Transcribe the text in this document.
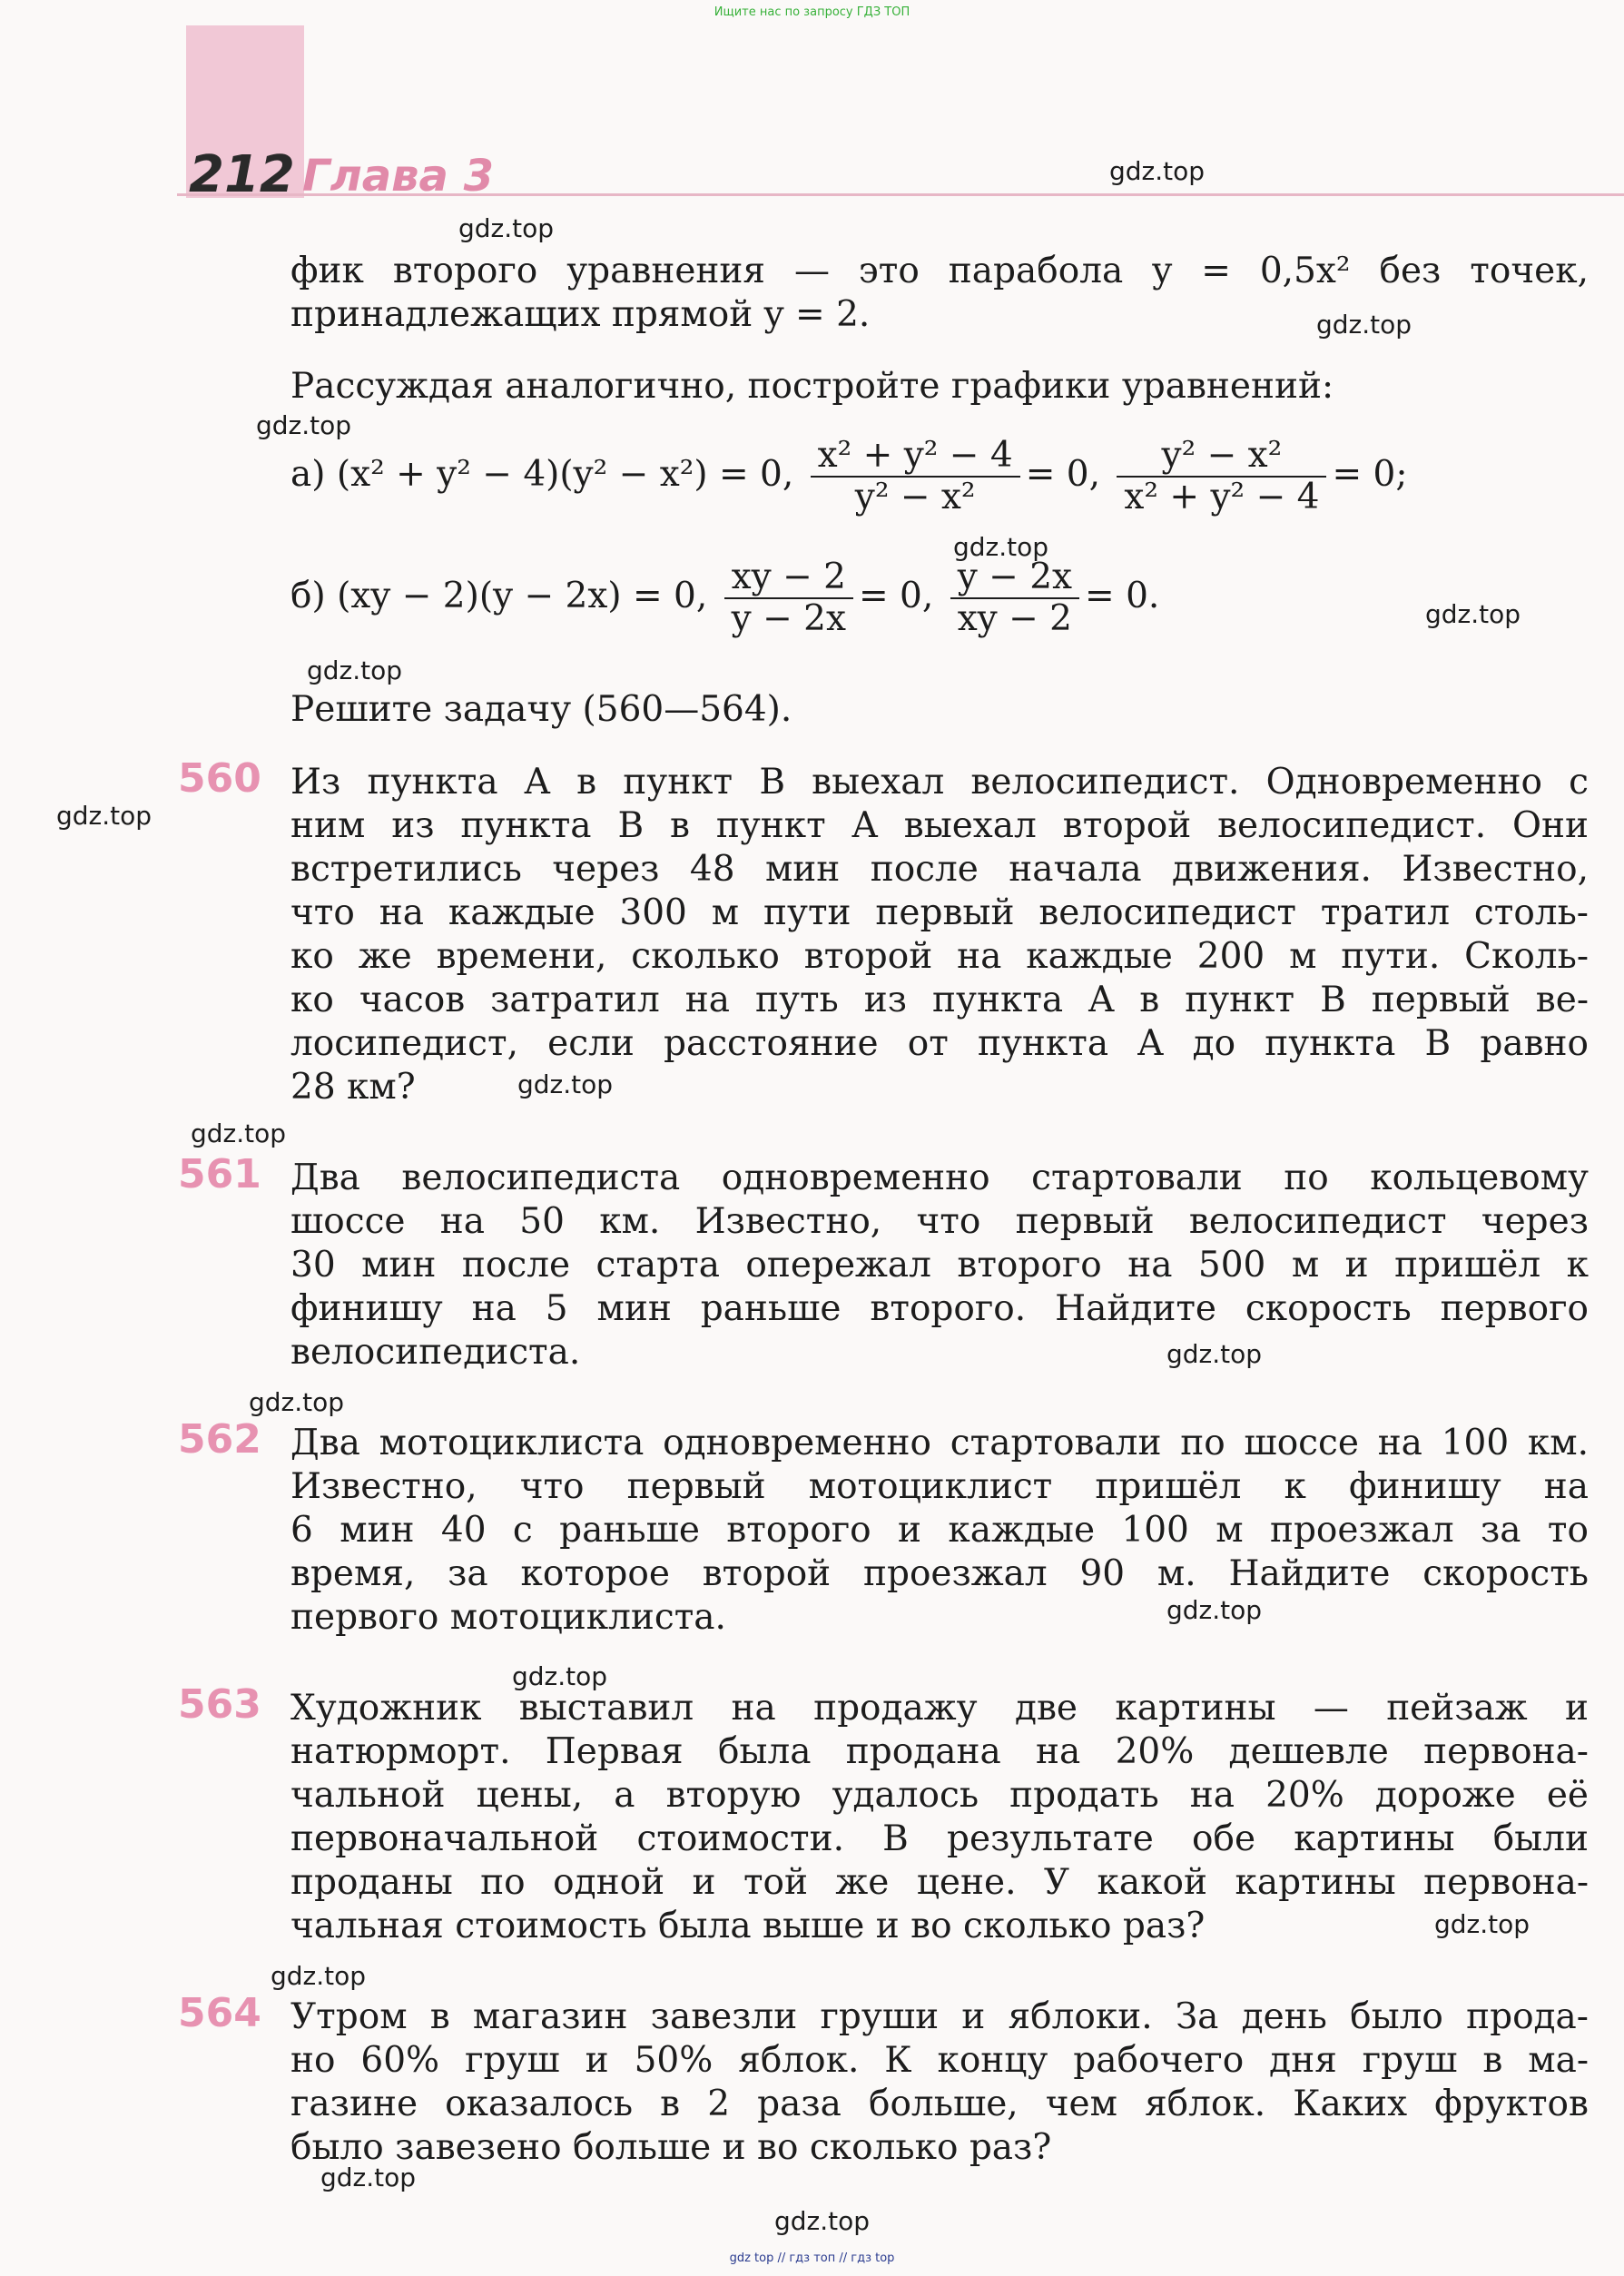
Ищите нас по запросу ГДЗ ТОП
212 Глава 3	gdz.top
gdz.top
gdz.top
gdz.top
gdz.top
gdz.top
gdz.top
gdz.top
gdz.top
gdz.top
gdz.top
gdz.top
gdz.top
gdz.top
gdz.top
gdz.top
gdz.top
gdz.top
фик второго уравнения — это парабола y = 0,5x² без точек,
принадлежащих прямой y = 2.
Рассуждая аналогично, постройте графики уравнений:
а) (x² + y² − 4)(y² − x²) = 0, $\frac{\text{x² + y² − 4}}{\text{y² − x²}} = 0$, $\frac{\text{y² − x²}}{\text{x² + y² − 4}} = 0$;
б) (xy − 2)(y − 2x) = 0, $\frac{xy - 2}{y - 2x} = 0$, $\frac{y - 2x}{xy - 2} = 0$.
Решите задачу (560—564).
560 Из пункта A в пункт B выехал велосипедист. Одновременно с
ним из пункта B в пункт A выехал второй велосипедист. Они
встретились через 48 мин после начала движения. Известно,
что на каждые 300 м пути первый велосипедист тратил столь-
ко же времени, сколько второй на каждые 200 м пути. Сколь-
ко часов затратил на путь из пункта A в пункт B первый ве-
лосипедист, если расстояние от пункта A до пункта B равно
28 км?
561 Два велосипедиста одновременно стартовали по кольцевому
шоссе на 50 км. Известно, что первый велосипедист через
30 мин после старта опережал второго на 500 м и пришёл к
финишу на 5 мин раньше второго. Найдите скорость первого
велосипедиста.
562 Два мотоциклиста одновременно стартовали по шоссе на 100 км.
Известно, что первый мотоциклист пришёл к финишу на
6 мин 40 с раньше второго и каждые 100 м проезжал за то
время, за которое второй проезжал 90 м. Найдите скорость
первого мотоциклиста.
563 Художник выставил на продажу две картины — пейзаж и
натюрморт. Первая была продана на 20% дешевле первона-
чальной цены, а вторую удалось продать на 20% дороже её
первоначальной стоимости. В результате обе картины были
проданы по одной и той же цене. У какой картины первона-
чальная стоимость была выше и во сколько раз?
564 Утром в магазин завезли груши и яблоки. За день было прода-
но 60% груш и 50% яблок. К концу рабочего дня груш в ма-
газине оказалось в 2 раза больше, чем яблок. Каких фруктов
было завезено больше и во сколько раз?
gdz top // гдз топ // гдз top
